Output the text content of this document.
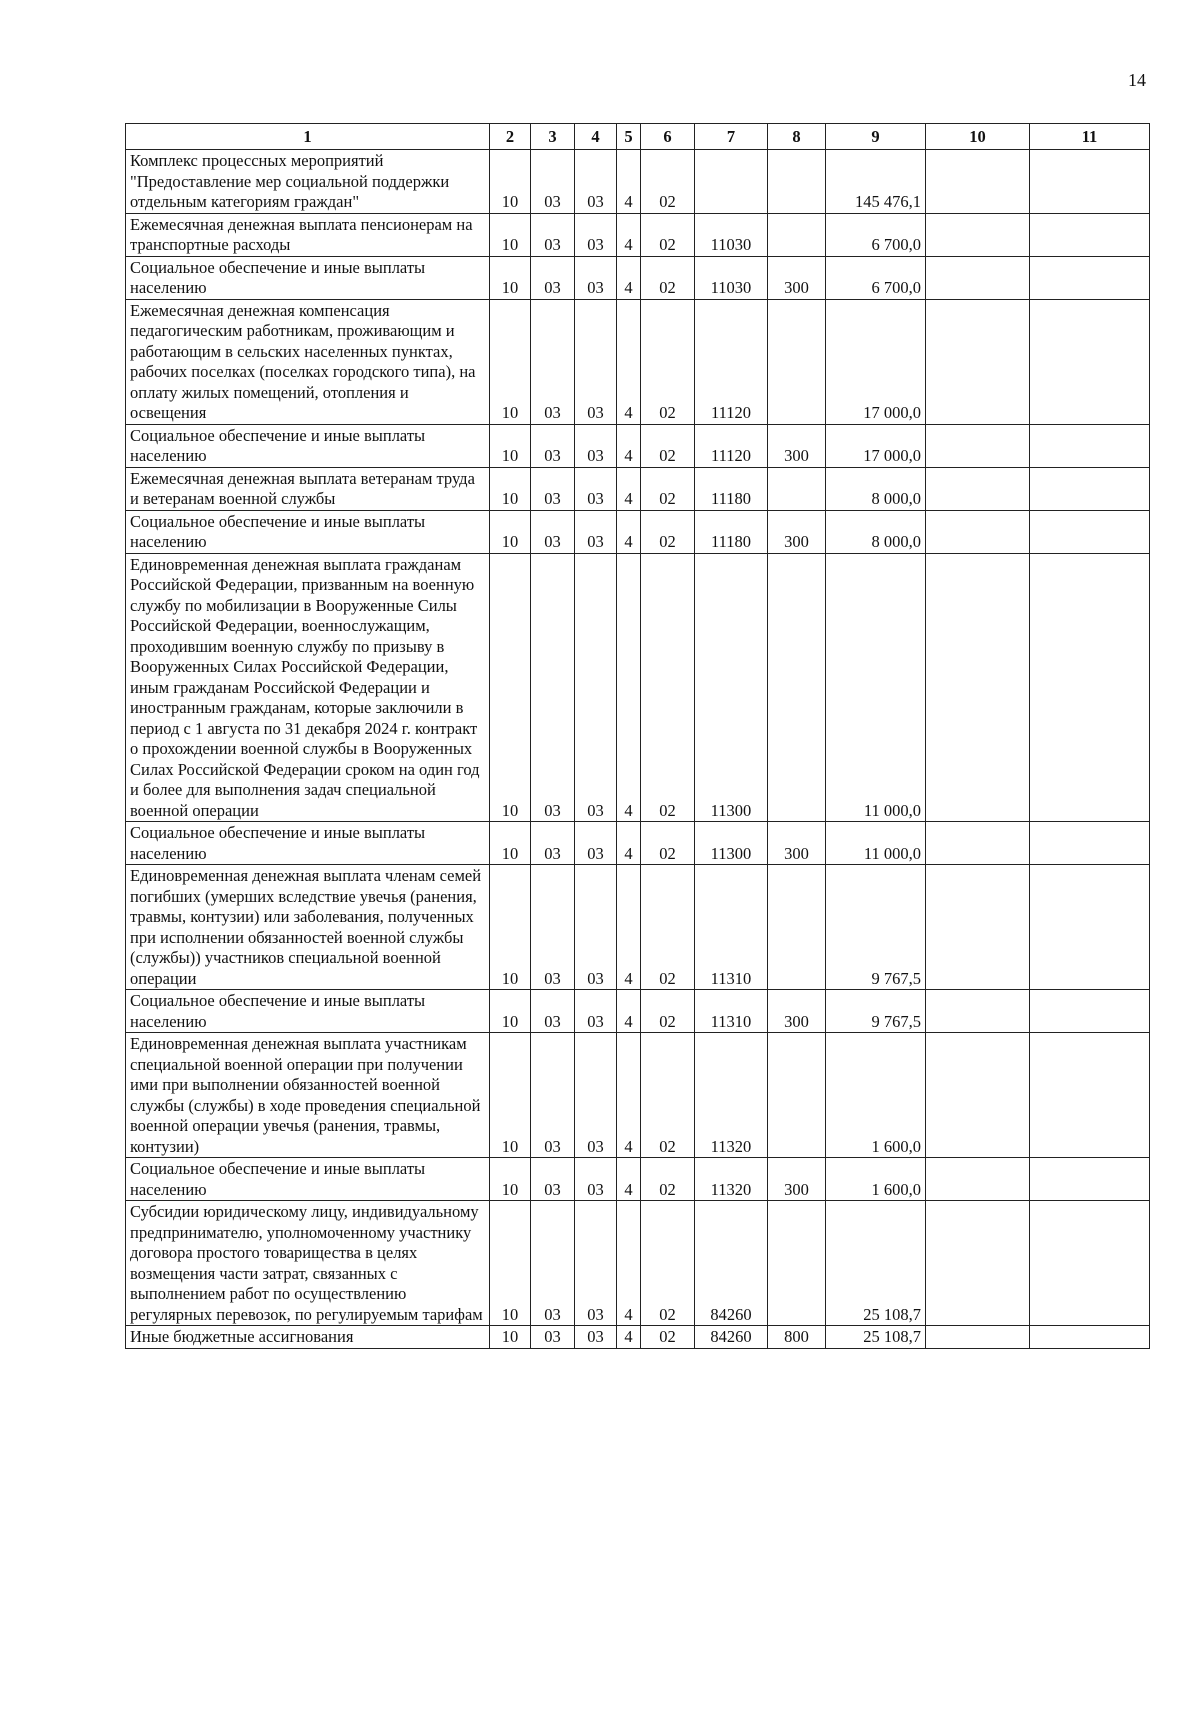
14
1	2	3	4	5	6	7	8	9	10	11
Комплекс процессных мероприятий "Предоставление мер социальной поддержки отдельным категориям граждан"	10	03	03	4	02			145 476,1		
Ежемесячная денежная выплата пенсионерам на транспортные расходы	10	03	03	4	02	11030		6 700,0		
Социальное обеспечение и иные выплаты населению	10	03	03	4	02	11030	300	6 700,0		
Ежемесячная денежная компенсация педагогическим работникам, проживающим и работающим в сельских населенных пунктах, рабочих поселках (поселках городского типа), на оплату жилых помещений, отопления и освещения	10	03	03	4	02	11120		17 000,0		
Социальное обеспечение и иные выплаты населению	10	03	03	4	02	11120	300	17 000,0		
Ежемесячная денежная выплата ветеранам труда и ветеранам военной службы	10	03	03	4	02	11180		8 000,0		
Социальное обеспечение и иные выплаты населению	10	03	03	4	02	11180	300	8 000,0		
Единовременная денежная выплата гражданам Российской Федерации, призванным на военную службу по мобилизации в Вооруженные Силы Российской Федерации, военнослужащим, проходившим военную службу по призыву в Вооруженных Силах Российской Федерации, иным гражданам Российской Федерации и иностранным гражданам, которые заключили в период с 1 августа по 31 декабря 2024 г. контракт о прохождении военной службы в Вооруженных Силах Российской Федерации сроком на один год и более для выполнения задач специальной военной операции	10	03	03	4	02	11300		11 000,0		
Социальное обеспечение и иные выплаты населению	10	03	03	4	02	11300	300	11 000,0		
Единовременная денежная выплата членам семей погибших (умерших вследствие увечья (ранения, травмы, контузии) или заболевания, полученных при исполнении обязанностей военной службы (службы)) участников специальной военной операции	10	03	03	4	02	11310		9 767,5		
Социальное обеспечение и иные выплаты населению	10	03	03	4	02	11310	300	9 767,5		
Единовременная денежная выплата участникам специальной военной операции при получении ими при выполнении обязанностей военной службы (службы) в ходе проведения специальной военной операции увечья (ранения, травмы, контузии)	10	03	03	4	02	11320		1 600,0		
Социальное обеспечение и иные выплаты населению	10	03	03	4	02	11320	300	1 600,0		
Субсидии юридическому лицу, индивидуальному предпринимателю, уполномоченному участнику договора простого товарищества в целях возмещения части затрат, связанных с выполнением работ по осуществлению регулярных перевозок, по регулируемым тарифам	10	03	03	4	02	84260		25 108,7		
Иные бюджетные ассигнования	10	03	03	4	02	84260	800	25 108,7		
